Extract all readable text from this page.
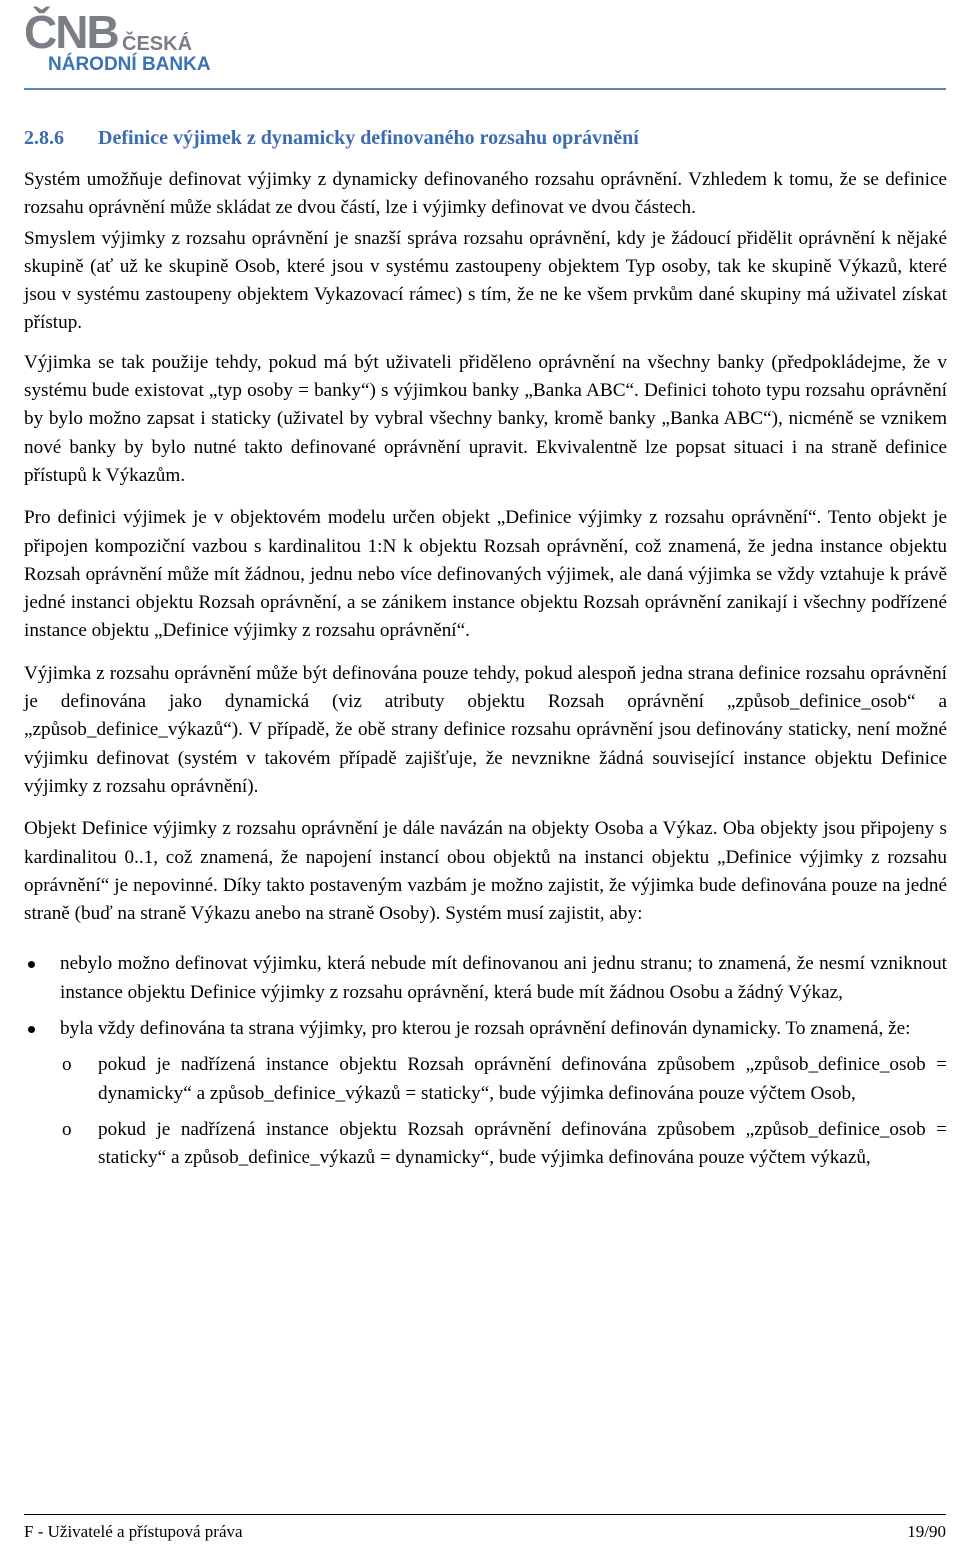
ČNB ČESKÁ
NÁRODNÍ BANKA
2.8.6 Definice výjimek z dynamicky definovaného rozsahu oprávnění

Systém umožňuje definovat výjimky z dynamicky definovaného rozsahu oprávnění. Vzhledem k tomu, že se definice rozsahu oprávnění může skládat ze dvou částí, lze i výjimky definovat ve dvou částech.

Smyslem výjimky z rozsahu oprávnění je snazší správa rozsahu oprávnění, kdy je žádoucí přidělit oprávnění k nějaké skupině (ať už ke skupině Osob, které jsou v systému zastoupeny objektem Typ osoby, tak ke skupině Výkazů, které jsou v systému zastoupeny objektem Vykazovací rámec) s tím, že ne ke všem prvkům dané skupiny má uživatel získat přístup.

Výjimka se tak použije tehdy, pokud má být uživateli přiděleno oprávnění na všechny banky (předpokládejme, že v systému bude existovat „typ osoby = banky“) s výjimkou banky „Banka ABC“. Definici tohoto typu rozsahu oprávnění by bylo možno zapsat i staticky (uživatel by vybral všechny banky, kromě banky „Banka ABC“), nicméně se vznikem nové banky by bylo nutné takto definované oprávnění upravit. Ekvivalentně lze popsat situaci i na straně definice přístupů k Výkazům.

Pro definici výjimek je v objektovém modelu určen objekt „Definice výjimky z rozsahu oprávnění“. Tento objekt je připojen kompoziční vazbou s kardinalitou 1:N k objektu Rozsah oprávnění, což znamená, že jedna instance objektu Rozsah oprávnění může mít žádnou, jednu nebo více definovaných výjimek, ale daná výjimka se vždy vztahuje k právě jedné instanci objektu Rozsah oprávnění, a se zánikem instance objektu Rozsah oprávnění zanikají i všechny podřízené instance objektu „Definice výjimky z rozsahu oprávnění“.

Výjimka z rozsahu oprávnění může být definována pouze tehdy, pokud alespoň jedna strana definice rozsahu oprávnění je definována jako dynamická (viz atributy objektu Rozsah oprávnění „způsob_definice_osob“ a „způsob_definice_výkazů“). V případě, že obě strany definice rozsahu oprávnění jsou definovány staticky, není možné výjimku definovat (systém v takovém případě zajišťuje, že nevznikne žádná související instance objektu Definice výjimky z rozsahu oprávnění).

Objekt Definice výjimky z rozsahu oprávnění je dále navázán na objekty Osoba a Výkaz. Oba objekty jsou připojeny s kardinalitou 0..1, což znamená, že napojení instancí obou objektů na instanci objektu „Definice výjimky z rozsahu oprávnění“ je nepovinné. Díky takto postaveným vazbám je možno zajistit, že výjimka bude definována pouze na jedné straně (buď na straně Výkazu anebo na straně Osoby). Systém musí zajistit, aby:

nebylo možno definovat výjimku, která nebude mít definovanou ani jednu stranu; to znamená, že nesmí vzniknout instance objektu Definice výjimky z rozsahu oprávnění, která bude mít žádnou Osobu a žádný Výkaz,
byla vždy definována ta strana výjimky, pro kterou je rozsah oprávnění definován dynamicky. To znamená, že:
o pokud je nadřízená instance objektu Rozsah oprávnění definována způsobem „způsob_definice_osob = dynamicky“ a způsob_definice_výkazů = staticky“, bude výjimka definována pouze výčtem Osob,
o pokud je nadřízená instance objektu Rozsah oprávnění definována způsobem „způsob_definice_osob = staticky“ a způsob_definice_výkazů = dynamicky“, bude výjimka definována pouze výčtem výkazů,
F - Uživatelé a přístupová práva	19/90
